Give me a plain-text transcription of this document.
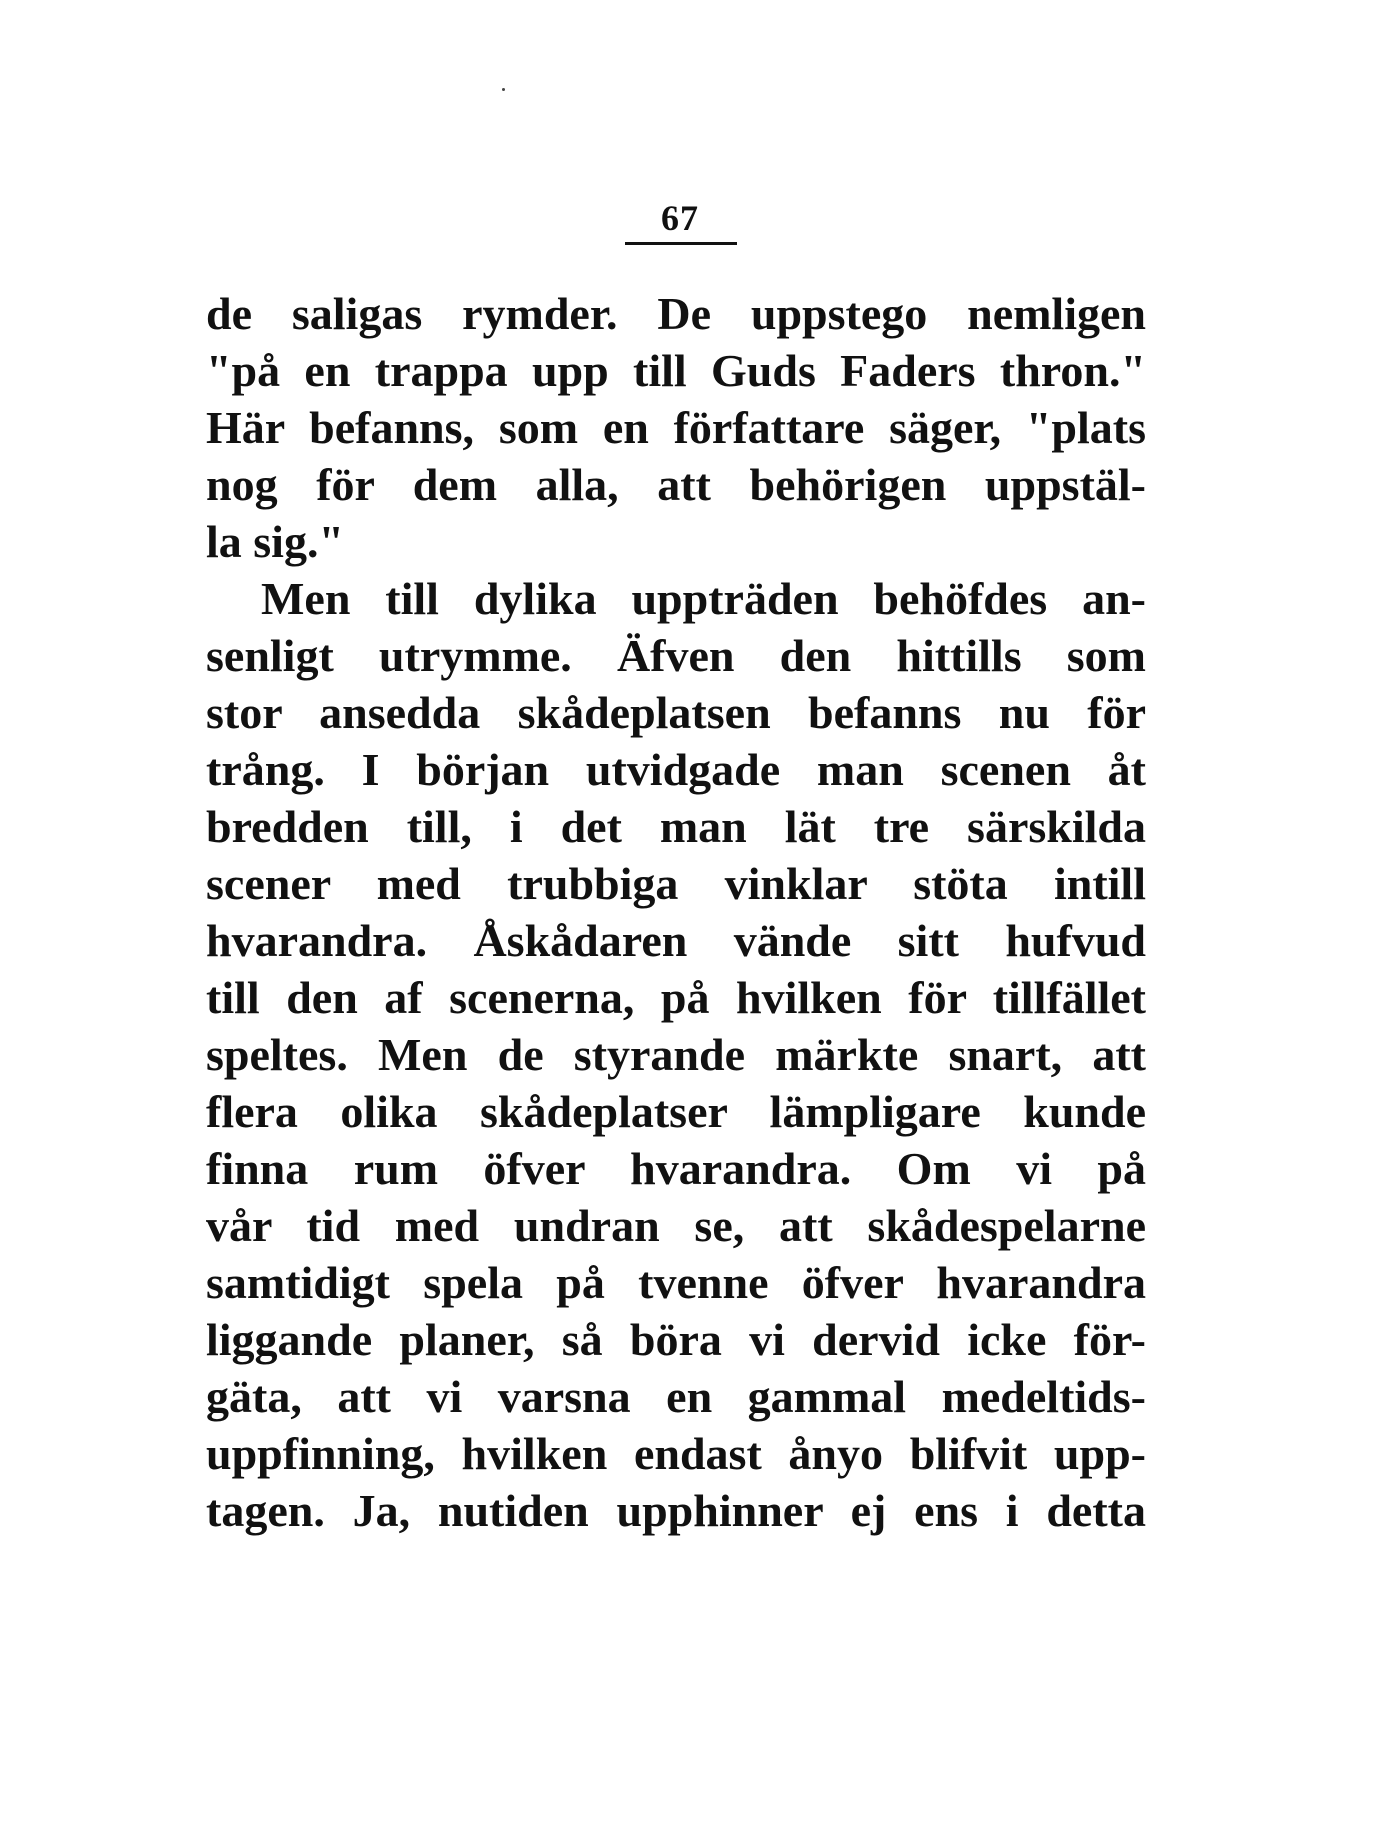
67
de saligas rymder. De uppstego nemligen
"på en trappa upp till Guds Faders thron."
Här befanns, som en författare säger, "plats
nog för dem alla, att behörigen uppstäl-
la sig."
Men till dylika uppträden behöfdes an-
senligt utrymme. Äfven den hittills som
stor ansedda skådeplatsen befanns nu för
trång. I början utvidgade man scenen åt
bredden till, i det man lät tre särskilda
scener med trubbiga vinklar stöta intill
hvarandra. Åskådaren vände sitt hufvud
till den af scenerna, på hvilken för tillfället
speltes. Men de styrande märkte snart, att
flera olika skådeplatser lämpligare kunde
finna rum öfver hvarandra. Om vi på
vår tid med undran se, att skådespelarne
samtidigt spela på tvenne öfver hvarandra
liggande planer, så böra vi dervid icke för-
gäta, att vi varsna en gammal medeltids-
uppfinning, hvilken endast ånyo blifvit upp-
tagen. Ja, nutiden upphinner ej ens i detta
